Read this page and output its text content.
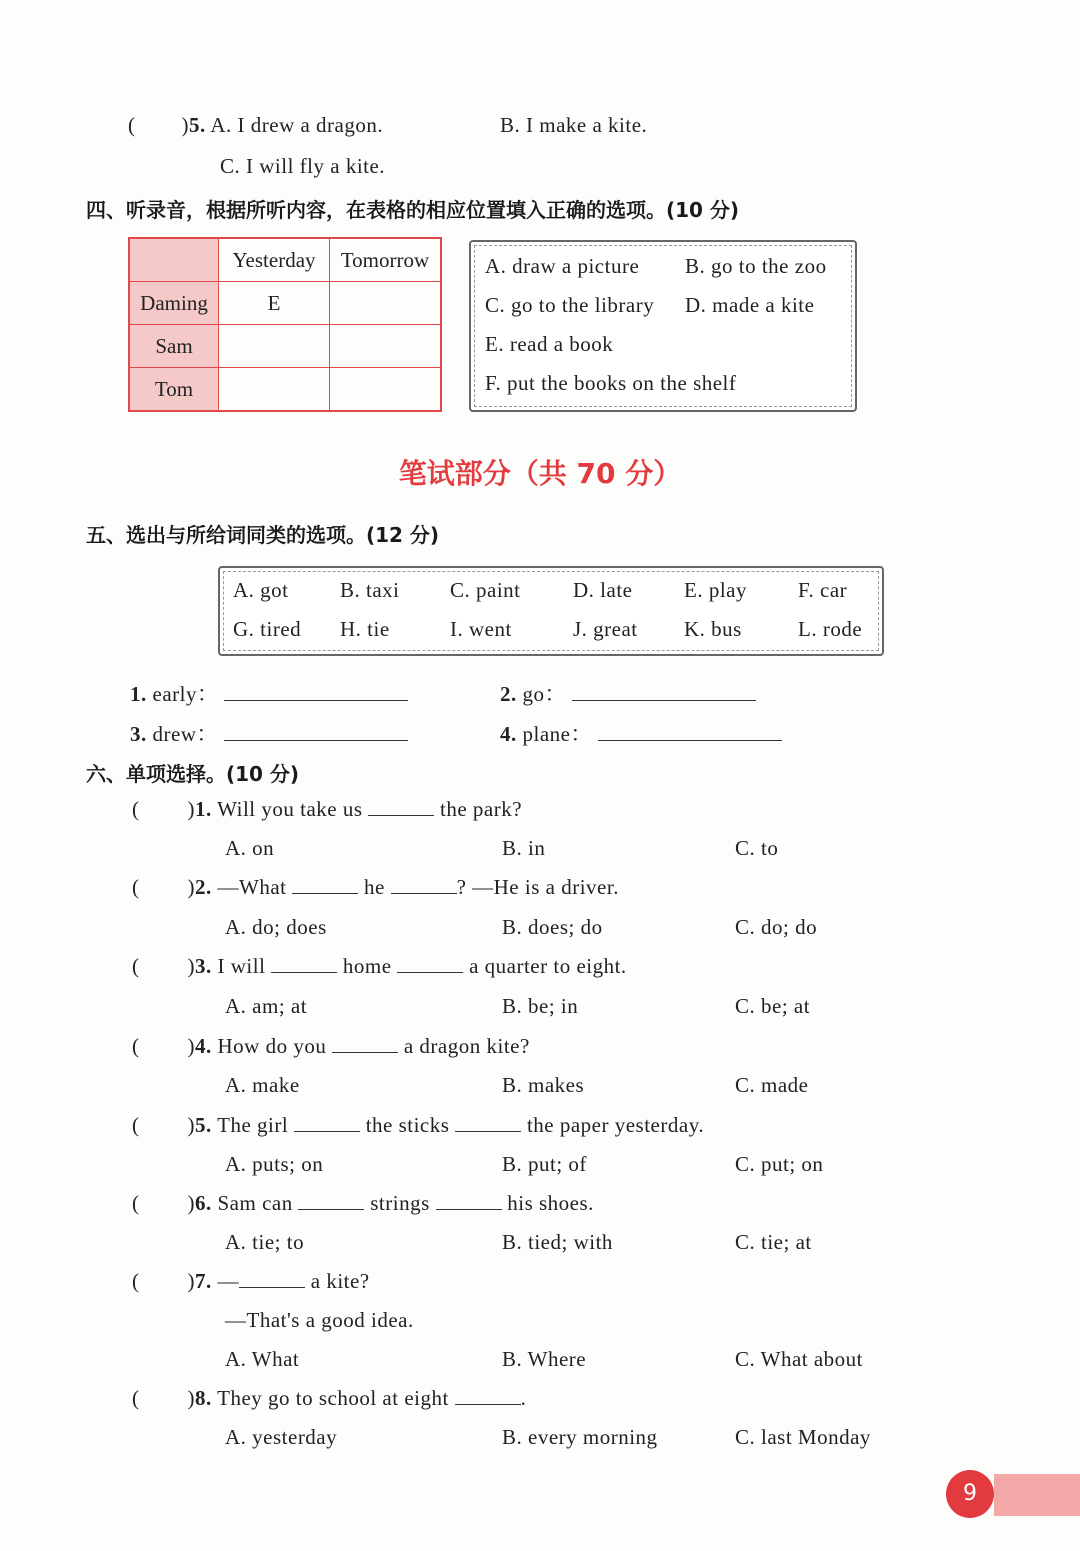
( )5. A. I drew a dragon.	B. I make a kite.
C. I will fly a kite.
四、听录音，根据所听内容，在表格的相应位置填入正确的选项。(10 分)
	Yesterday	Tomorrow
Daming	E	
Sam		
Tom		
A. draw a picture B. go to the zoo
C. go to the library D. made a kite
E. read a book
F. put the books on the shelf
笔试部分（共 70 分）
五、选出与所给词同类的选项。(12 分)
A. got B. taxi C. paint	D. late E. play F. car
G. tired H. tie	I. went	J. great K. bus	L. rode
1. early：	2. go：
3. drew：	4. plane：
六、单项选择。(10 分)
( )1. Will you take us	the park?
A. on	B. in	C. to
( )2. —What	he	? —He is a driver.
A. do; does	B. does; do	C. do; do
( )3. I will	home	a quarter to eight.
A. am; at	B. be; in	C. be; at
( )4. How do you	a dragon kite?
A. make	B. makes	C. made
( )5. The girl	the sticks	the paper yesterday.
A. puts; on	B. put; of	C. put; on
( )6. Sam can	strings	his shoes.
A. tie; to	B. tied; with	C. tie; at
( )7. —	a kite?
—That's a good idea.
A. What	B. Where	C. What about
( )8. They go to school at eight	.
A. yesterday	B. every morning	C. last Monday
9
